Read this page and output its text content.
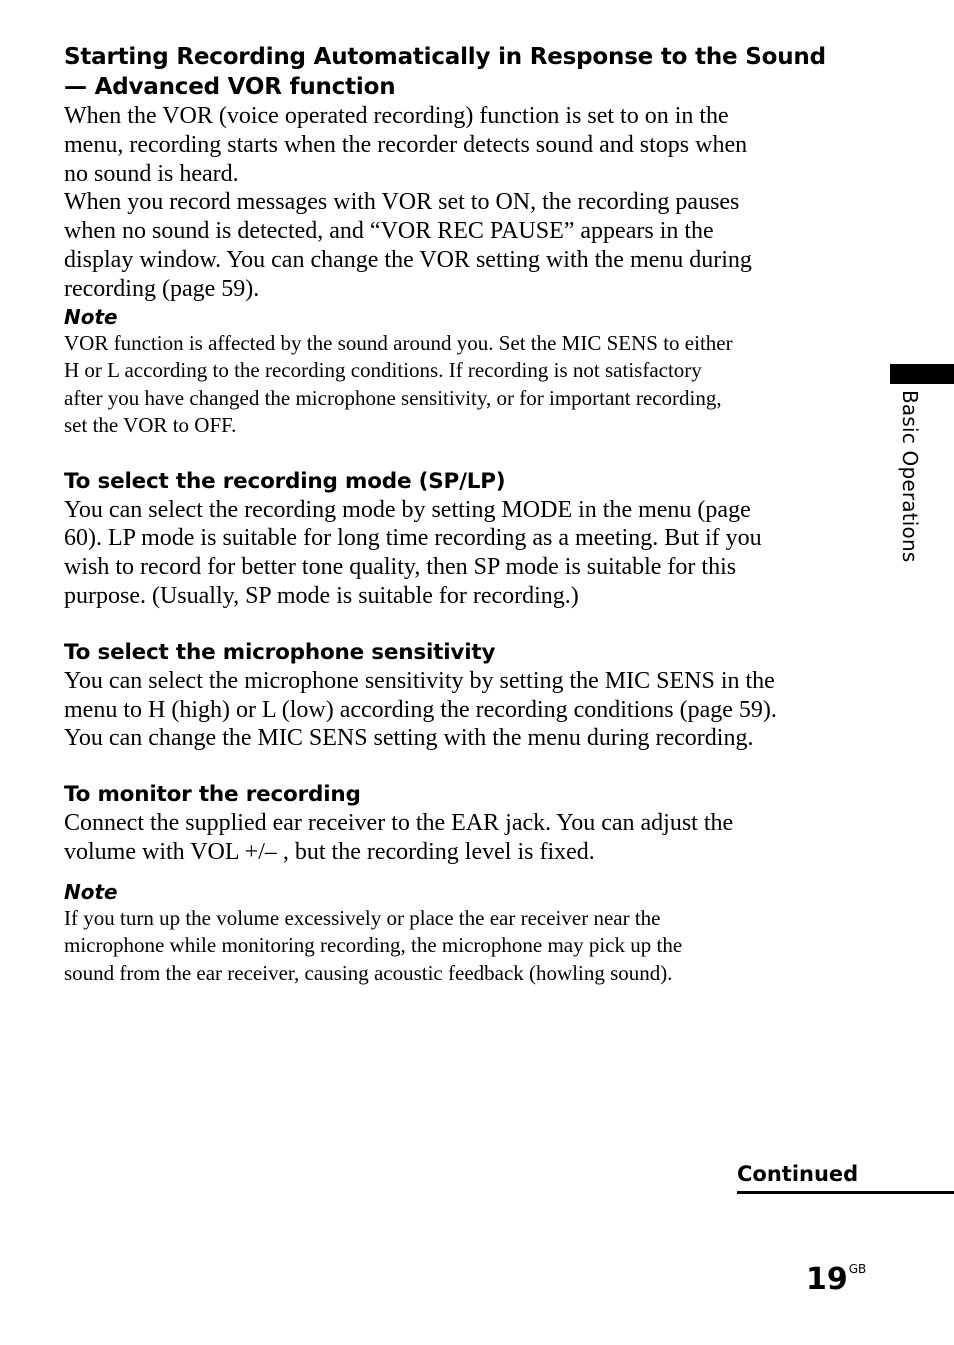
Starting Recording Automatically in Response to the Sound
— Advanced VOR function

When the VOR (voice operated recording) function is set to on in the
menu, recording starts when the recorder detects sound and stops when
no sound is heard.

When you record messages with VOR set to ON, the recording pauses
when no sound is detected, and “VOR REC PAUSE” appears in the
display window. You can change the VOR setting with the menu during
recording (page 59).

Note

VOR function is affected by the sound around you. Set the MIC SENS to either
H or L according to the recording conditions. If recording is not satisfactory
after you have changed the microphone sensitivity, or for important recording,
set the VOR to OFF.

To select the recording mode (SP/LP)

You can select the recording mode by setting MODE in the menu (page
60). LP mode is suitable for long time recording as a meeting. But if you
wish to record for better tone quality, then SP mode is suitable for this
purpose. (Usually, SP mode is suitable for recording.)

To select the microphone sensitivity

You can select the microphone sensitivity by setting the MIC SENS in the
menu to H (high) or L (low) according the recording conditions (page 59).
You can change the MIC SENS setting with the menu during recording.

To monitor the recording

Connect the supplied ear receiver to the EAR jack. You can adjust the
volume with VOL +/– , but the recording level is fixed.

Note

If you turn up the volume excessively or place the ear receiver near the
microphone while monitoring recording, the microphone may pick up the
sound from the ear receiver, causing acoustic feedback (howling sound).

Basic Operations
Continued
$19^{GB}$
